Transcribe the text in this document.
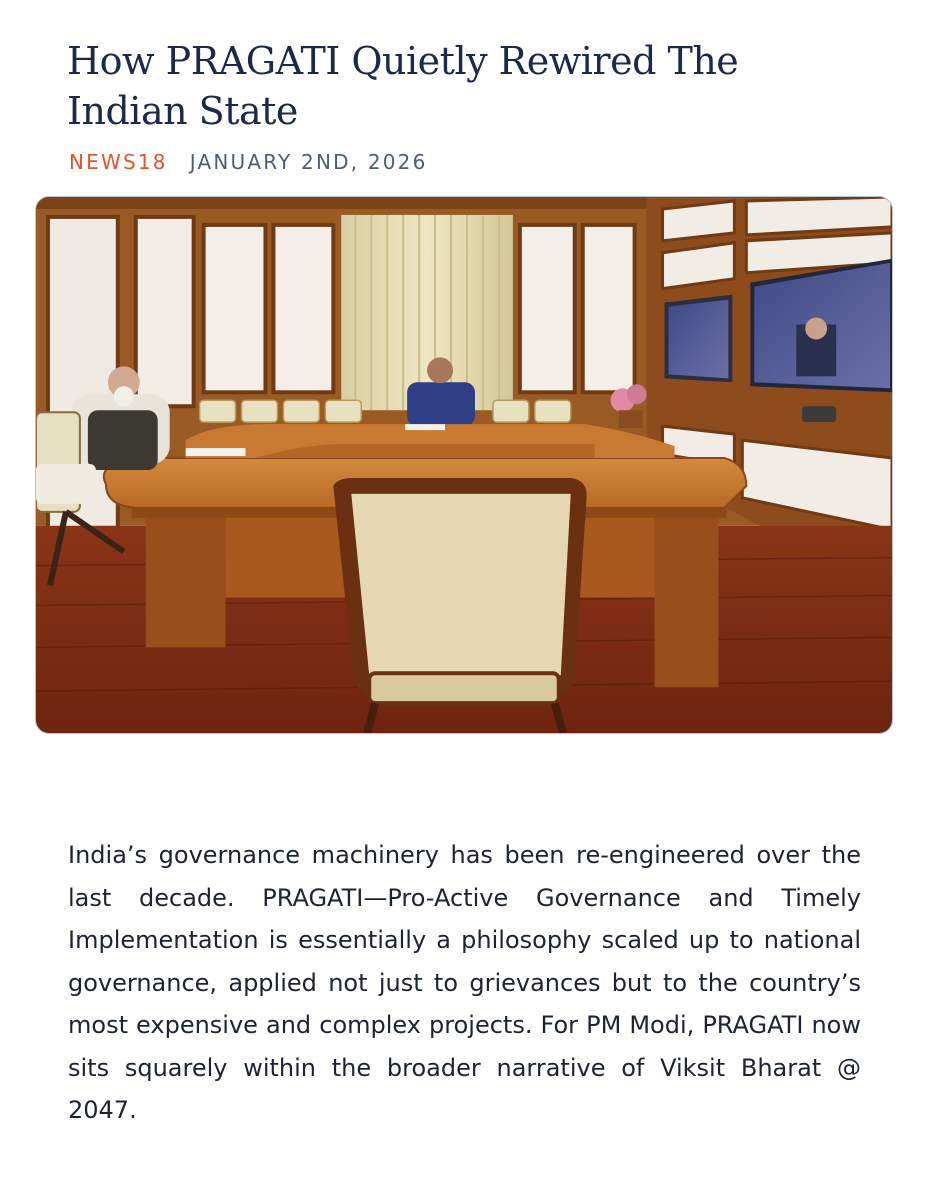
How PRAGATI Quietly Rewired The Indian State
NEWS18 JANUARY 2ND, 2026

India’s governance machinery has been re-engineered over the last decade. PRAGATI—Pro-Active Governance and Timely Implementation is essentially a philosophy scaled up to national governance, applied not just to grievances but to the country’s most expensive and complex projects. For PM Modi, PRAGATI now sits squarely within the broader narrative of Viksit Bharat @ 2047.
